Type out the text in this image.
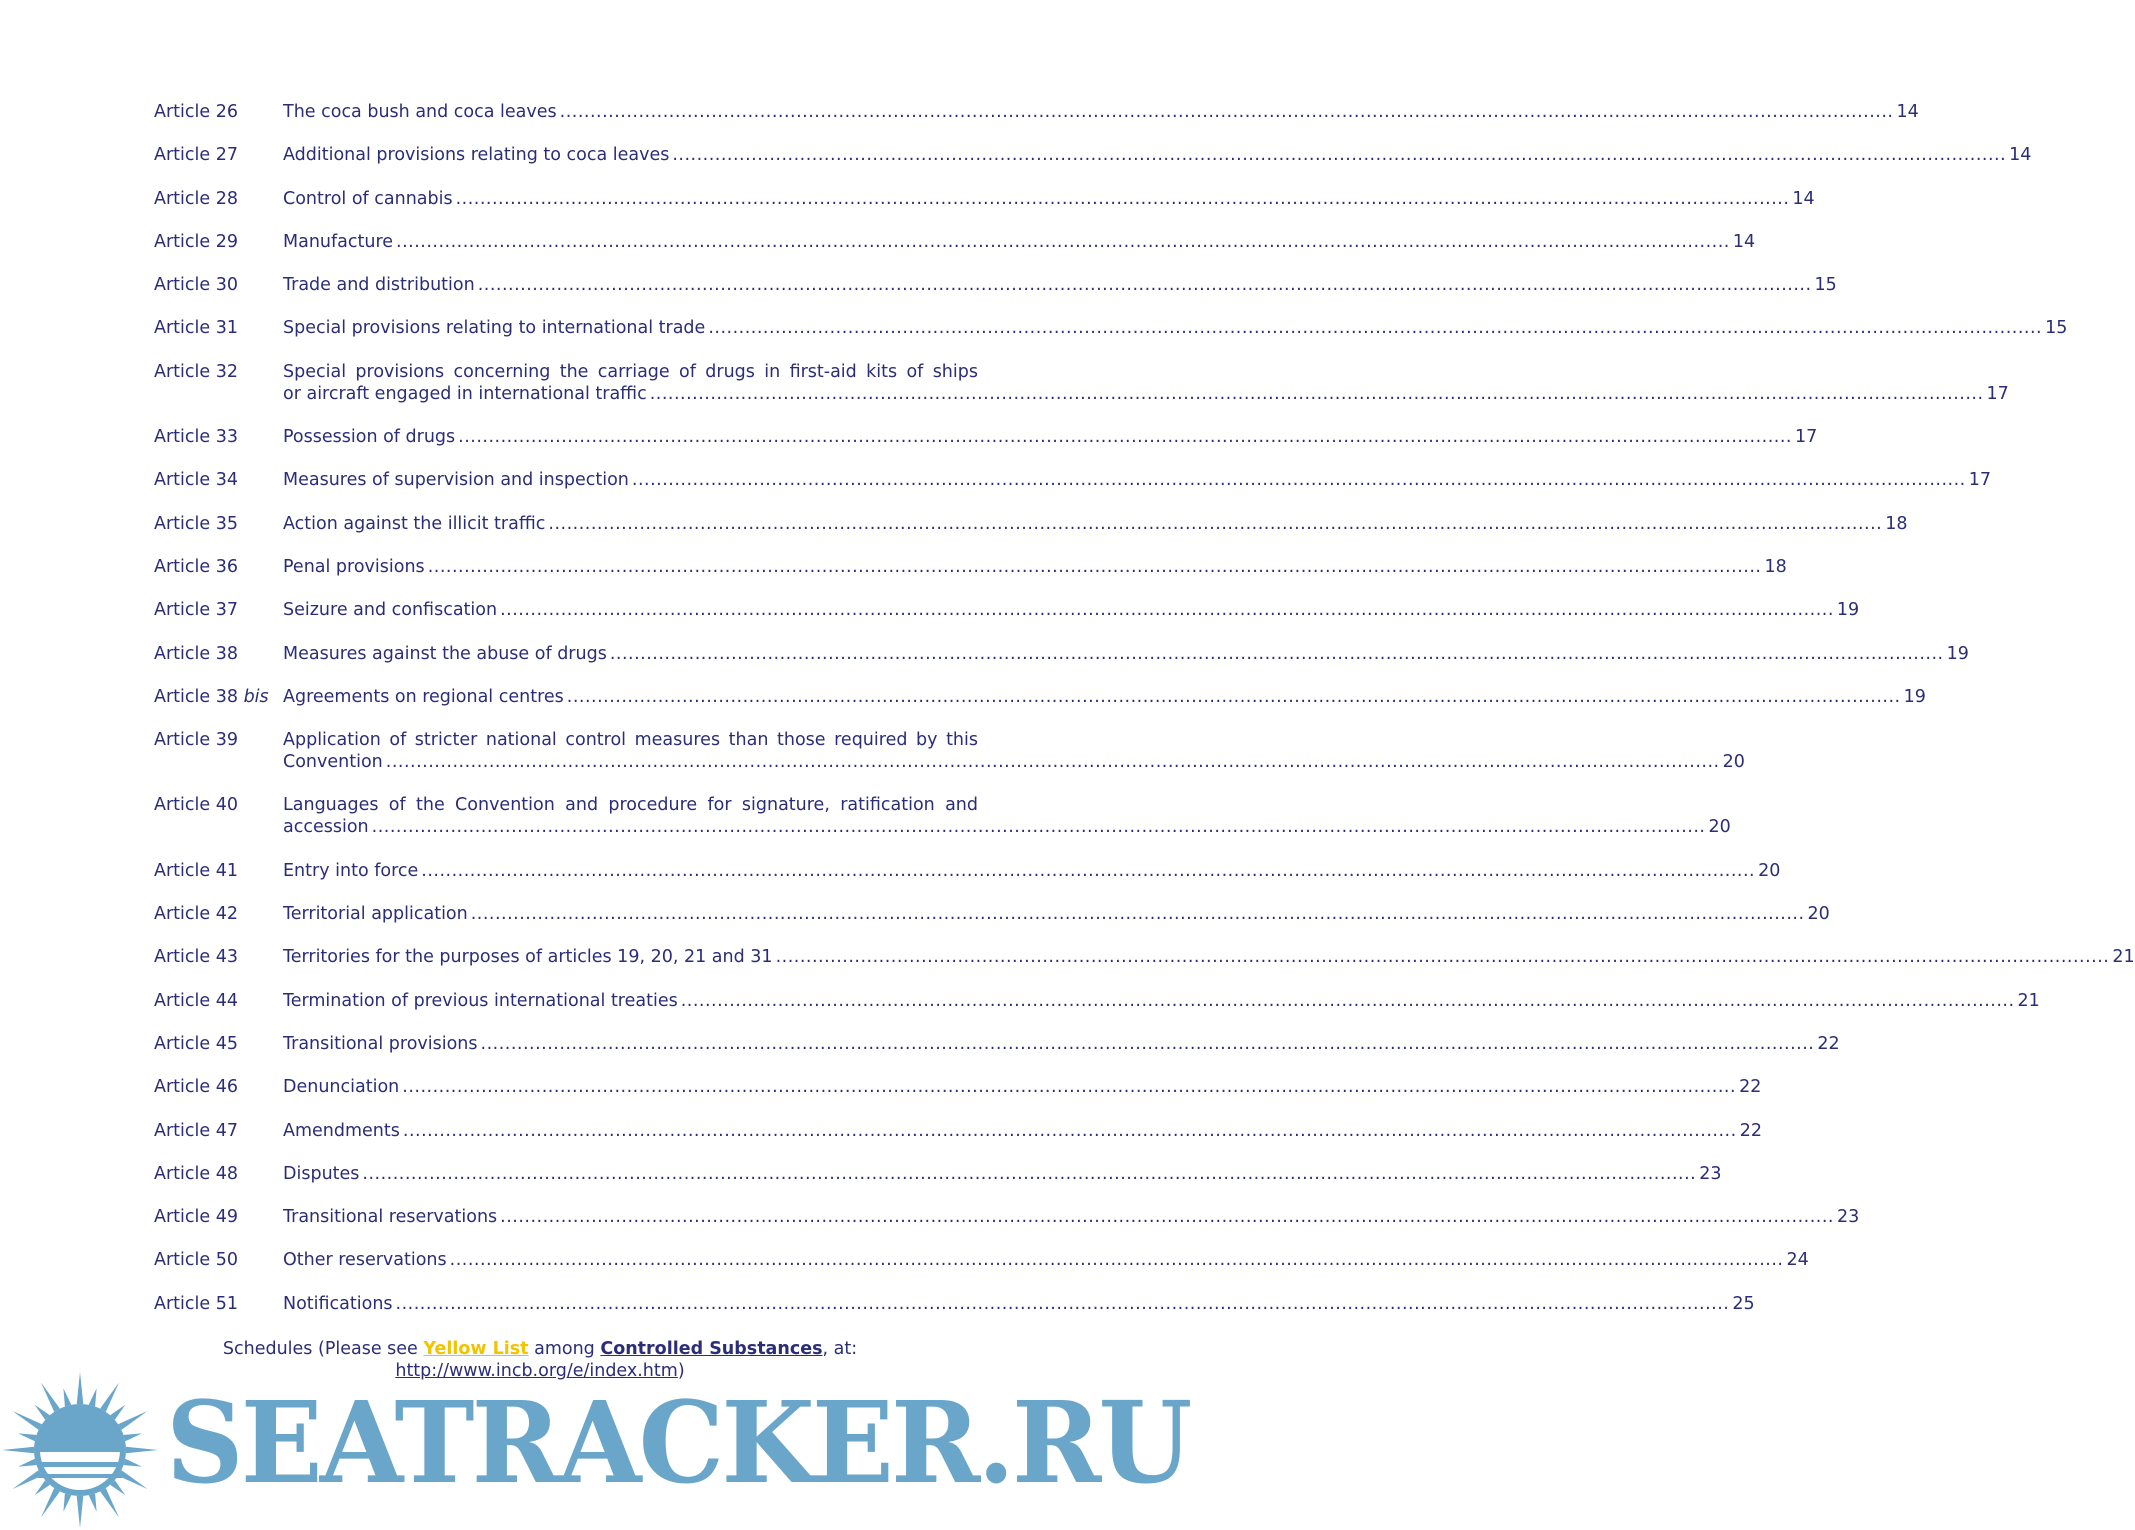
Article 26	The coca bush and coca leaves ............................................................................................................................................................................................................................ 14
Article 27	Additional provisions relating to coca leaves ............................................................................................................................................................................................................................ 14
Article 28	Control of cannabis ............................................................................................................................................................................................................................ 14
Article 29	Manufacture ............................................................................................................................................................................................................................ 14
Article 30	Trade and distribution ............................................................................................................................................................................................................................ 15
Article 31	Special provisions relating to international trade ............................................................................................................................................................................................................................ 15
Article 32	Special provisions concerning the carriage of drugs in first-aid kits of ships
or aircraft engaged in international traffic ............................................................................................................................................................................................................................ 17
Article 33	Possession of drugs ............................................................................................................................................................................................................................ 17
Article 34	Measures of supervision and inspection ............................................................................................................................................................................................................................ 17
Article 35	Action against the illicit traffic ............................................................................................................................................................................................................................ 18
Article 36	Penal provisions ............................................................................................................................................................................................................................ 18
Article 37	Seizure and confiscation ............................................................................................................................................................................................................................ 19
Article 38	Measures against the abuse of drugs ............................................................................................................................................................................................................................ 19
Article 38 bis Agreements on regional centres ............................................................................................................................................................................................................................ 19
Article 39	Application of stricter national control measures than those required by this
Convention ............................................................................................................................................................................................................................ 20
Article 40	Languages of the Convention and procedure for signature, ratification and
accession ............................................................................................................................................................................................................................ 20
Article 41	Entry into force ............................................................................................................................................................................................................................ 20
Article 42	Territorial application ............................................................................................................................................................................................................................ 20
Article 43	Territories for the purposes of articles 19, 20, 21 and 31 ............................................................................................................................................................................................................................ 21
Article 44	Termination of previous international treaties ............................................................................................................................................................................................................................ 21
Article 45	Transitional provisions ............................................................................................................................................................................................................................ 22
Article 46	Denunciation ............................................................................................................................................................................................................................ 22
Article 47	Amendments ............................................................................................................................................................................................................................ 22
Article 48	Disputes ............................................................................................................................................................................................................................ 23
Article 49	Transitional reservations ............................................................................................................................................................................................................................ 23
Article 50	Other reservations ............................................................................................................................................................................................................................ 24
Article 51	Notifications ............................................................................................................................................................................................................................ 25
Schedules (Please see Yellow List among Controlled Substances, at:
http://www.incb.org/e/index.htm)
SEATRACKER.RU
